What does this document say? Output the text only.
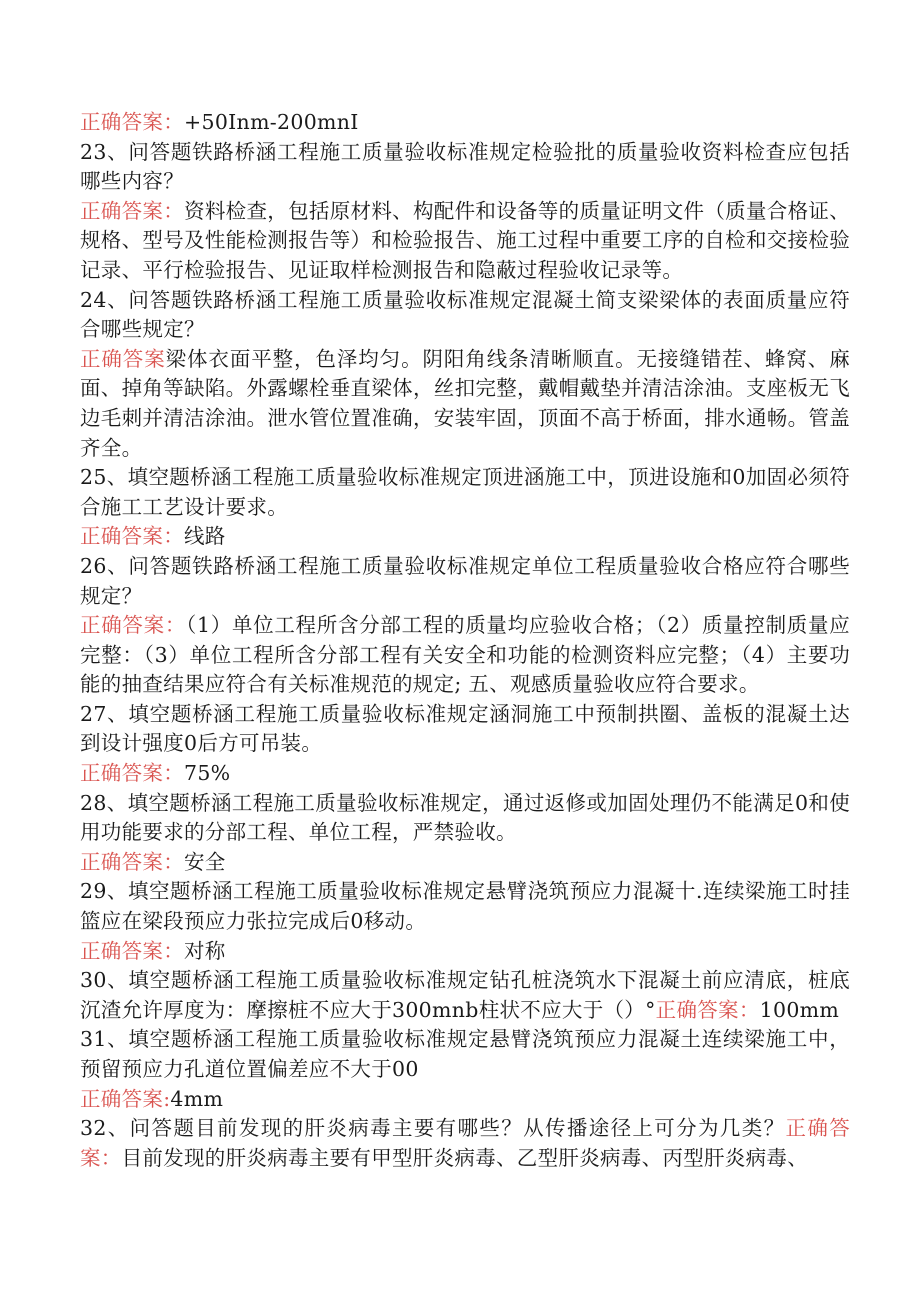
正确答案：+50Inm-200mnI

23、问答题铁路桥涵工程施工质量验收标准规定检验批的质量验收资料检查应包括哪些内容？

正确答案：资料检查，包括原材料、构配件和设备等的质量证明文件（质量合格证、规格、型号及性能检测报告等）和检验报告、施工过程中重要工序的自检和交接检验记录、平行检验报告、见证取样检测报告和隐蔽过程验收记录等。

24、问答题铁路桥涵工程施工质量验收标准规定混凝土简支梁梁体的表面质量应符合哪些规定？

正确答案梁体衣面平整，色泽均匀。阴阳角线条清晰顺直。无接缝错茬、蜂窝、麻面、掉角等缺陷。外露螺栓垂直梁体，丝扣完整，戴帽戴垫并清洁涂油。支座板无飞边毛刺并清洁涂油。泄水管位置准确，安装牢固，顶面不高于桥面，排水通畅。管盖齐全。

25、填空题桥涵工程施工质量验收标准规定顶进涵施工中，顶进设施和0加固必须符合施工工艺设计要求。

正确答案：线路

26、问答题铁路桥涵工程施工质量验收标准规定单位工程质量验收合格应符合哪些规定？

正确答案：（1）单位工程所含分部工程的质量均应验收合格；（2）质量控制质量应完整：（3）单位工程所含分部工程有关安全和功能的检测资料应完整；（4）主要功能的抽查结果应符合有关标准规范的规定; 五、观感质量验收应符合要求。

27、填空题桥涵工程施工质量验收标准规定涵洞施工中预制拱圈、盖板的混凝土达到设计强度0后方可吊装。

正确答案：75%

28、填空题桥涵工程施工质量验收标准规定，通过返修或加固处理仍不能满足0和使用功能要求的分部工程、单位工程，严禁验收。

正确答案：安全

29、填空题桥涵工程施工质量验收标准规定悬臂浇筑预应力混凝十.连续梁施工时挂篮应在梁段预应力张拉完成后0移动。

正确答案：对称

30、填空题桥涵工程施工质量验收标准规定钻孔桩浇筑水下混凝土前应清底，桩底沉渣允许厚度为：摩擦桩不应大于300mnb柱状不应大于（）°正确答案：100mm

31、填空题桥涵工程施工质量验收标准规定悬臂浇筑预应力混凝土连续梁施工中，预留预应力孔道位置偏差应不大于00

正确答案:4mm

32、问答题目前发现的肝炎病毒主要有哪些？从传播途径上可分为几类？正确答案：目前发现的肝炎病毒主要有甲型肝炎病毒、乙型肝炎病毒、丙型肝炎病毒、
